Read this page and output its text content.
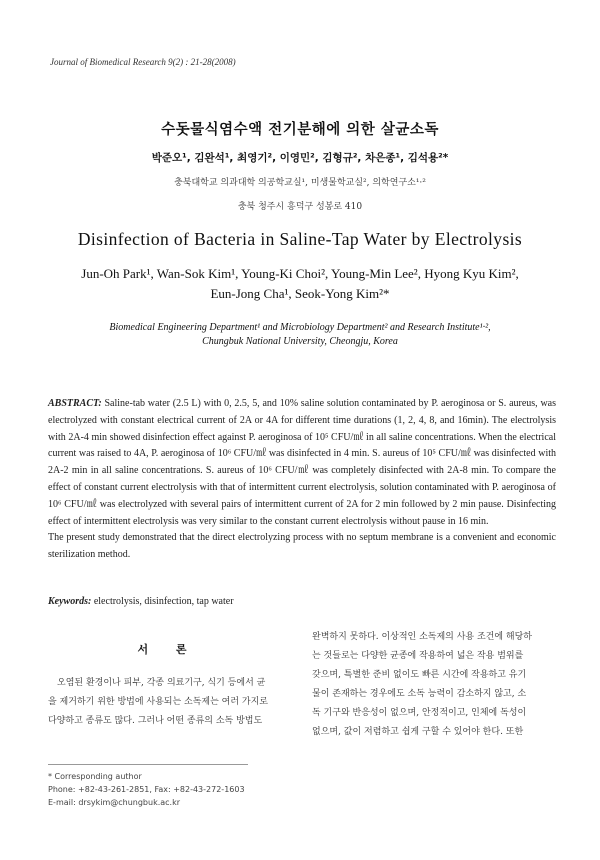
Journal of Biomedical Research 9(2) : 21-28(2008)
수돗물식염수액 전기분해에 의한 살균소독
박준오¹, 김완석¹, 최영기², 이영민², 김형규², 차은종¹, 김석용²*
충북대학교 의과대학 의공학교실¹, 미생물학교실², 의학연구소¹·²
충북 청주시 흥덕구 성봉로 410
Disinfection of Bacteria in Saline-Tap Water by Electrolysis
Jun-Oh Park¹, Wan-Sok Kim¹, Young-Ki Choi², Young-Min Lee², Hyong Kyu Kim²,
Eun-Jong Cha¹, Seok-Yong Kim²*
Biomedical Engineering Department¹ and Microbiology Department² and Research Institute¹·²,
Chungbuk National University, Cheongju, Korea

ABSTRACT: Saline-tab water (2.5 L) with 0, 2.5, 5, and 10% saline solution contaminated by P. aeroginosa or S. aureus, was electrolyzed with constant electrical current of 2A or 4A for different time durations (1, 2, 4, 8, and 16min). The electrolysis with 2A-4 min showed disinfection effect against P. aeroginosa of 10⁵ CFU/㎖ in all saline concentrations. When the electrical current was raised to 4A, P. aeroginosa of 10⁶ CFU/㎖ was disinfected in 4 min. S. aureus of 10⁵ CFU/㎖ was disinfected with 2A-2 min in all saline concentrations. S. aureus of 10⁶ CFU/㎖ was completely disinfected with 2A-8 min. To compare the effect of constant current electrolysis with that of intermittent current electrolysis, solution contaminated with P. aeroginosa of 10⁶ CFU/㎖ was electrolyzed with several pairs of intermittent current of 2A for 2 min followed by 2 min pause. Disinfecting effect of intermittent electrolysis was very similar to the constant current electrolysis without pause in 16 min.

The present study demonstrated that the direct electrolyzing process with no septum membrane is a convenient and economic sterilization method.

Keywords: electrolysis, disinfection, tap water
서 론
　오염된 환경이나 피부, 각종 의료기구, 식기 등에서 균
을 제거하기 위한 방법에 사용되는 소독제는 여러 가지로
다양하고 종류도 많다. 그러나 어떤 종류의 소독 방법도
완벽하지 못하다. 이상적인 소독제의 사용 조건에 해당하
는 것들로는 다양한 균종에 작용하여 넓은 작용 범위를
갖으며, 특별한 준비 없이도 빠른 시간에 작용하고 유기
물이 존재하는 경우에도 소독 능력이 감소하지 않고, 소
독 기구와 반응성이 없으며, 안정적이고, 인체에 독성이
없으며, 값이 저렴하고 쉽게 구할 수 있어야 한다. 또한
* Corresponding author
Phone: +82-43-261-2851, Fax: +82-43-272-1603
E-mail: drsykim@chungbuk.ac.kr
